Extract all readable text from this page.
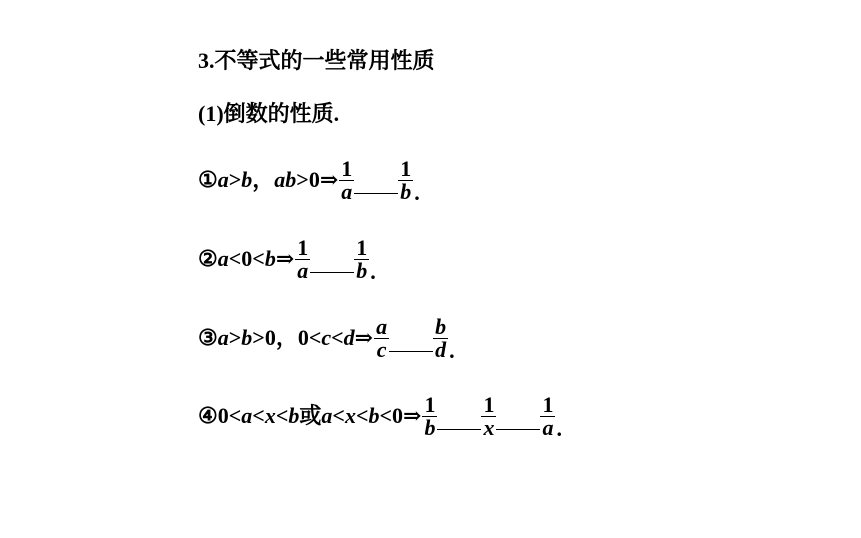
3.不等式的一些常用性质
(1)倒数的性质.
① a > b ， ab >0⇒ $\frac{1}{a} \frac{1}{b}$ .
② a <0< b ⇒ $\frac{1}{a} \frac{1}{b}$ .
③ a > b >0，0< c < d ⇒ $\frac{a}{c} \frac{b}{d}$ .
④ 0< a < x < b 或 a < x < b <0⇒ $\frac{1}{b} \frac{1}{x} \frac{1}{a}$ .
